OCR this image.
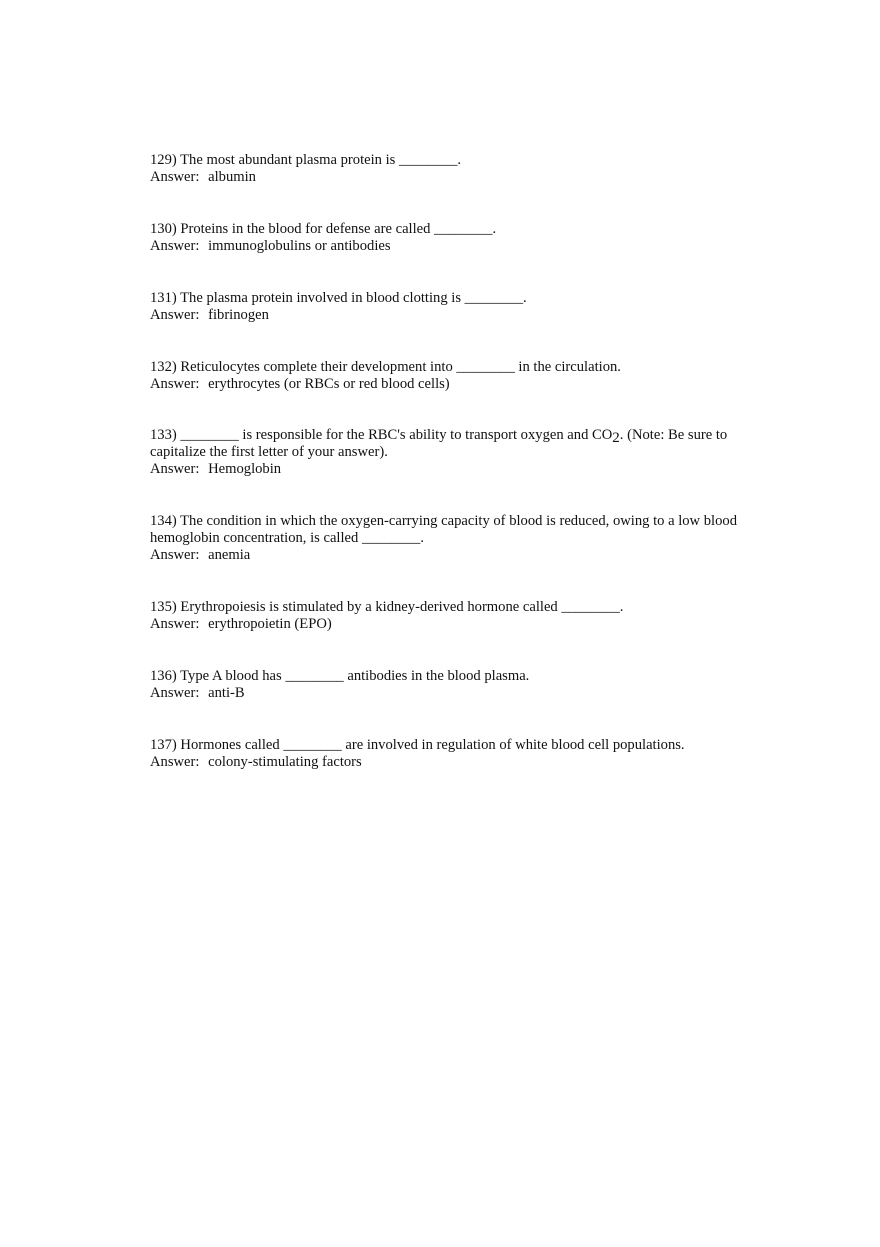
129) The most abundant plasma protein is ________.

Answer: albumin

130) Proteins in the blood for defense are called ________.

Answer: immunoglobulins or antibodies

131) The plasma protein involved in blood clotting is ________.

Answer: fibrinogen

132) Reticulocytes complete their development into ________ in the circulation.

Answer: erythrocytes (or RBCs or red blood cells)

133) ________ is responsible for the RBC's ability to transport oxygen and $CO_2$. (Note: Be sure to capitalize the first letter of your answer).

Answer: Hemoglobin

134) The condition in which the oxygen-carrying capacity of blood is reduced, owing to a low blood hemoglobin concentration, is called ________.

Answer: anemia

135) Erythropoiesis is stimulated by a kidney-derived hormone called ________.

Answer: erythropoietin (EPO)

136) Type A blood has ________ antibodies in the blood plasma.

Answer: anti-B

137) Hormones called ________ are involved in regulation of white blood cell populations.

Answer: colony-stimulating factors
